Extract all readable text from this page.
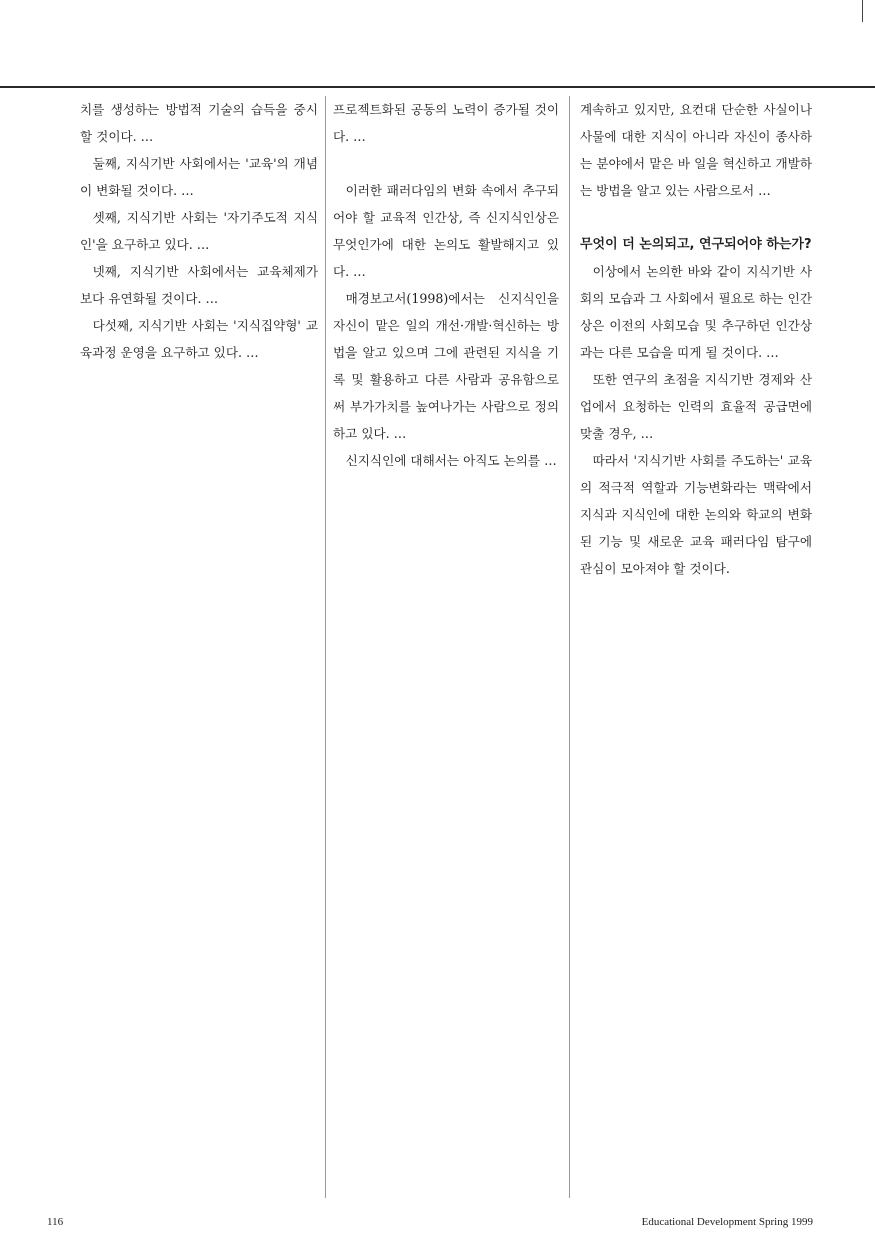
치를 생성하는 방법적 기술의 습득을 중시할 것이다. …

둘째, 지식기반 사회에서는 '교육'의 개념이 변화될 것이다. …

셋째, 지식기반 사회는 '자기주도적 지식인'을 요구하고 있다. …

넷째, 지식기반 사회에서는 교육체제가 보다 유연화될 것이다. …

다섯째, 지식기반 사회는 '지식집약형' 교육과정 운영을 요구하고 있다. …

프로젝트화된 공동의 노력이 증가될 것이다. …

이러한 패러다임의 변화 속에서 추구되어야 할 교육적 인간상, 즉 신지식인상은 무엇인가에 대한 논의도 활발해지고 있다. …

매경보고서(1998)에서는 신지식인을 자신이 맡은 일의 개선·개발·혁신하는 방법을 알고 있으며 그에 관련된 지식을 기록 및 활용하고 다른 사람과 공유함으로써 부가가치를 높여나가는 사람으로 정의하고 있다. …

신지식인에 대해서는 아직도 논의를 …

계속하고 있지만, 요컨대 단순한 사실이나 사물에 대한 지식이 아니라 자신이 종사하는 분야에서 맡은 바 일을 혁신하고 개발하는 방법을 알고 있는 사람으로서 …

무엇이 더 논의되고, 연구되어야 하는가?

이상에서 논의한 바와 같이 지식기반 사회의 모습과 그 사회에서 필요로 하는 인간상은 이전의 사회모습 및 추구하던 인간상과는 다른 모습을 띠게 될 것이다. …

또한 연구의 초점을 지식기반 경제와 산업에서 요청하는 인력의 효율적 공급면에 맞출 경우, …

따라서 '지식기반 사회를 주도하는' 교육의 적극적 역할과 기능변화라는 맥락에서 지식과 지식인에 대한 논의와 학교의 변화된 기능 및 새로운 교육 패러다임 탐구에 관심이 모아져야 할 것이다.

116	Educational Development Spring 1999
